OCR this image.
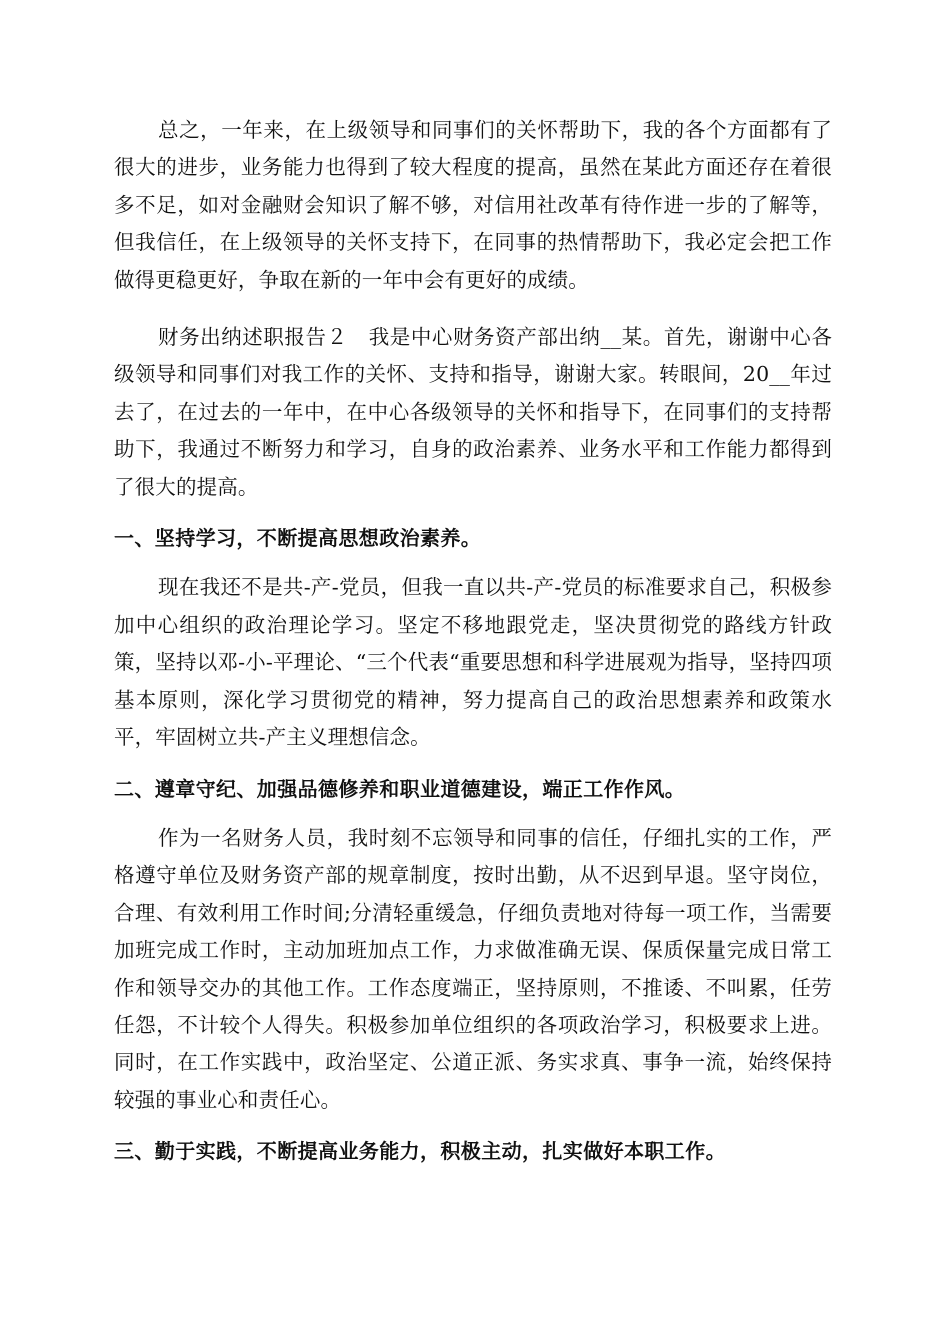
总之，一年来，在上级领导和同事们的关怀帮助下，我的各个方面都有了很大的进步，业务能力也得到了较大程度的提高，虽然在某此方面还存在着很多不足，如对金融财会知识了解不够，对信用社改革有待作进一步的了解等，但我信任，在上级领导的关怀支持下，在同事的热情帮助下，我必定会把工作做得更稳更好，争取在新的一年中会有更好的成绩。

财务出纳述职报告２　我是中心财务资产部出纳__某。首先，谢谢中心各级领导和同事们对我工作的关怀、支持和指导，谢谢大家。转眼间，20__年过去了，在过去的一年中，在中心各级领导的关怀和指导下，在同事们的支持帮助下，我通过不断努力和学习，自身的政治素养、业务水平和工作能力都得到了很大的提高。

一、坚持学习，不断提高思想政治素养。

现在我还不是共-产-党员，但我一直以共-产-党员的标准要求自己，积极参加中心组织的政治理论学习。坚定不移地跟党走，坚决贯彻党的路线方针政策，坚持以邓-小-平理论、“三个代表“重要思想和科学进展观为指导，坚持四项基本原则，深化学习贯彻党的精神，努力提高自己的政治思想素养和政策水平，牢固树立共-产主义理想信念。

二、遵章守纪、加强品德修养和职业道德建设，端正工作作风。

作为一名财务人员，我时刻不忘领导和同事的信任，仔细扎实的工作，严格遵守单位及财务资产部的规章制度，按时出勤，从不迟到早退。坚守岗位，合理、有效利用工作时间;分清轻重缓急，仔细负责地对待每一项工作，当需要加班完成工作时，主动加班加点工作，力求做准确无误、保质保量完成日常工作和领导交办的其他工作。工作态度端正，坚持原则，不推诿、不叫累，任劳任怨，不计较个人得失。积极参加单位组织的各项政治学习，积极要求上进。同时，在工作实践中，政治坚定、公道正派、务实求真、事争一流，始终保持较强的事业心和责任心。

三、勤于实践，不断提高业务能力，积极主动，扎实做好本职工作。
